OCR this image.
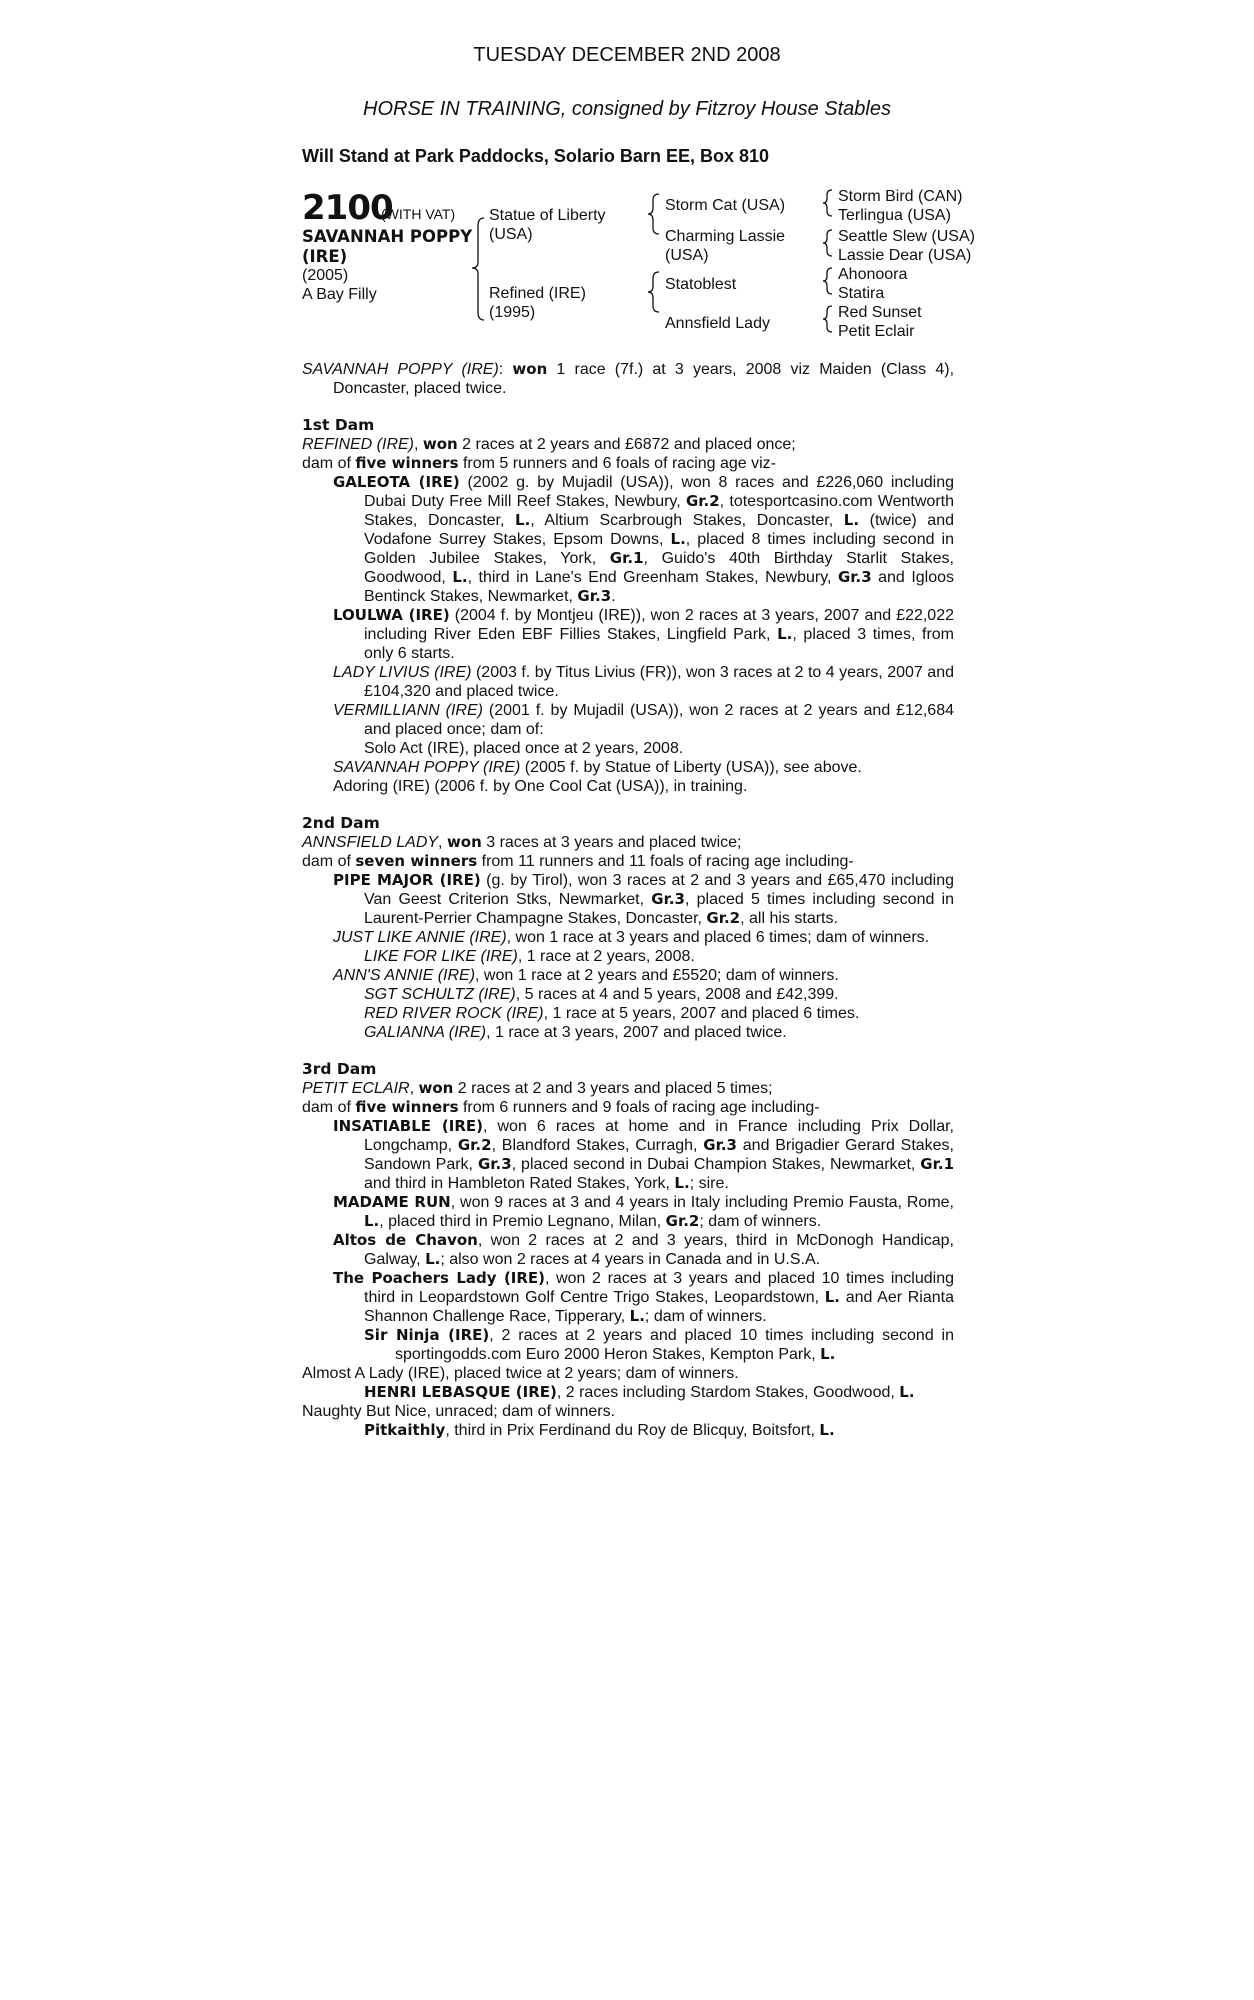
TUESDAY DECEMBER 2ND 2008
HORSE IN TRAINING, consigned by Fitzroy House Stables
Will Stand at Park Paddocks, Solario Barn EE, Box 810
2100
(WITH VAT)
SAVANNAH POPPY (IRE)
(2005)
A Bay Filly
Statue of Liberty (USA)
Refined (IRE) (1995)
Storm Cat (USA)
Charming Lassie (USA)
Statoblest
Annsfield Lady
Storm Bird (CAN)
Terlingua (USA)
Seattle Slew (USA)
Lassie Dear (USA)
Ahonoora
Statira
Red Sunset
Petit Eclair

SAVANNAH POPPY (IRE): won 1 race (7f.) at 3 years, 2008 viz Maiden (Class 4), Doncaster, placed twice.

1st Dam

REFINED (IRE), won 2 races at 2 years and £6872 and placed once;

dam of five winners from 5 runners and 6 foals of racing age viz-

GALEOTA (IRE) (2002 g. by Mujadil (USA)), won 8 races and £226,060 including Dubai Duty Free Mill Reef Stakes, Newbury, Gr.2, totesportcasino.com Wentworth Stakes, Doncaster, L., Altium Scarbrough Stakes, Doncaster, L. (twice) and Vodafone Surrey Stakes, Epsom Downs, L., placed 8 times including second in Golden Jubilee Stakes, York, Gr.1, Guido's 40th Birthday Starlit Stakes, Goodwood, L., third in Lane's End Greenham Stakes, Newbury, Gr.3 and Igloos Bentinck Stakes, Newmarket, Gr.3.

LOULWA (IRE) (2004 f. by Montjeu (IRE)), won 2 races at 3 years, 2007 and £22,022 including River Eden EBF Fillies Stakes, Lingfield Park, L., placed 3 times, from only 6 starts.

LADY LIVIUS (IRE) (2003 f. by Titus Livius (FR)), won 3 races at 2 to 4 years, 2007 and £104,320 and placed twice.

VERMILLIANN (IRE) (2001 f. by Mujadil (USA)), won 2 races at 2 years and £12,684 and placed once; dam of:

Solo Act (IRE), placed once at 2 years, 2008.

SAVANNAH POPPY (IRE) (2005 f. by Statue of Liberty (USA)), see above.

Adoring (IRE) (2006 f. by One Cool Cat (USA)), in training.

2nd Dam

ANNSFIELD LADY, won 3 races at 3 years and placed twice;

dam of seven winners from 11 runners and 11 foals of racing age including-

PIPE MAJOR (IRE) (g. by Tirol), won 3 races at 2 and 3 years and £65,470 including Van Geest Criterion Stks, Newmarket, Gr.3, placed 5 times including second in Laurent-Perrier Champagne Stakes, Doncaster, Gr.2, all his starts.

JUST LIKE ANNIE (IRE), won 1 race at 3 years and placed 6 times; dam of winners.

LIKE FOR LIKE (IRE), 1 race at 2 years, 2008.

ANN'S ANNIE (IRE), won 1 race at 2 years and £5520; dam of winners.

SGT SCHULTZ (IRE), 5 races at 4 and 5 years, 2008 and £42,399.

RED RIVER ROCK (IRE), 1 race at 5 years, 2007 and placed 6 times.

GALIANNA (IRE), 1 race at 3 years, 2007 and placed twice.

3rd Dam

PETIT ECLAIR, won 2 races at 2 and 3 years and placed 5 times;

dam of five winners from 6 runners and 9 foals of racing age including-

INSATIABLE (IRE), won 6 races at home and in France including Prix Dollar, Longchamp, Gr.2, Blandford Stakes, Curragh, Gr.3 and Brigadier Gerard Stakes, Sandown Park, Gr.3, placed second in Dubai Champion Stakes, Newmarket, Gr.1 and third in Hambleton Rated Stakes, York, L.; sire.

MADAME RUN, won 9 races at 3 and 4 years in Italy including Premio Fausta, Rome, L., placed third in Premio Legnano, Milan, Gr.2; dam of winners.

Altos de Chavon, won 2 races at 2 and 3 years, third in McDonogh Handicap, Galway, L.; also won 2 races at 4 years in Canada and in U.S.A.

The Poachers Lady (IRE), won 2 races at 3 years and placed 10 times including third in Leopardstown Golf Centre Trigo Stakes, Leopardstown, L. and Aer Rianta Shannon Challenge Race, Tipperary, L.; dam of winners.

Sir Ninja (IRE), 2 races at 2 years and placed 10 times including second in sportingodds.com Euro 2000 Heron Stakes, Kempton Park, L.

Almost A Lady (IRE), placed twice at 2 years; dam of winners.

HENRI LEBASQUE (IRE), 2 races including Stardom Stakes, Goodwood, L.

Naughty But Nice, unraced; dam of winners.

Pitkaithly, third in Prix Ferdinand du Roy de Blicquy, Boitsfort, L.
